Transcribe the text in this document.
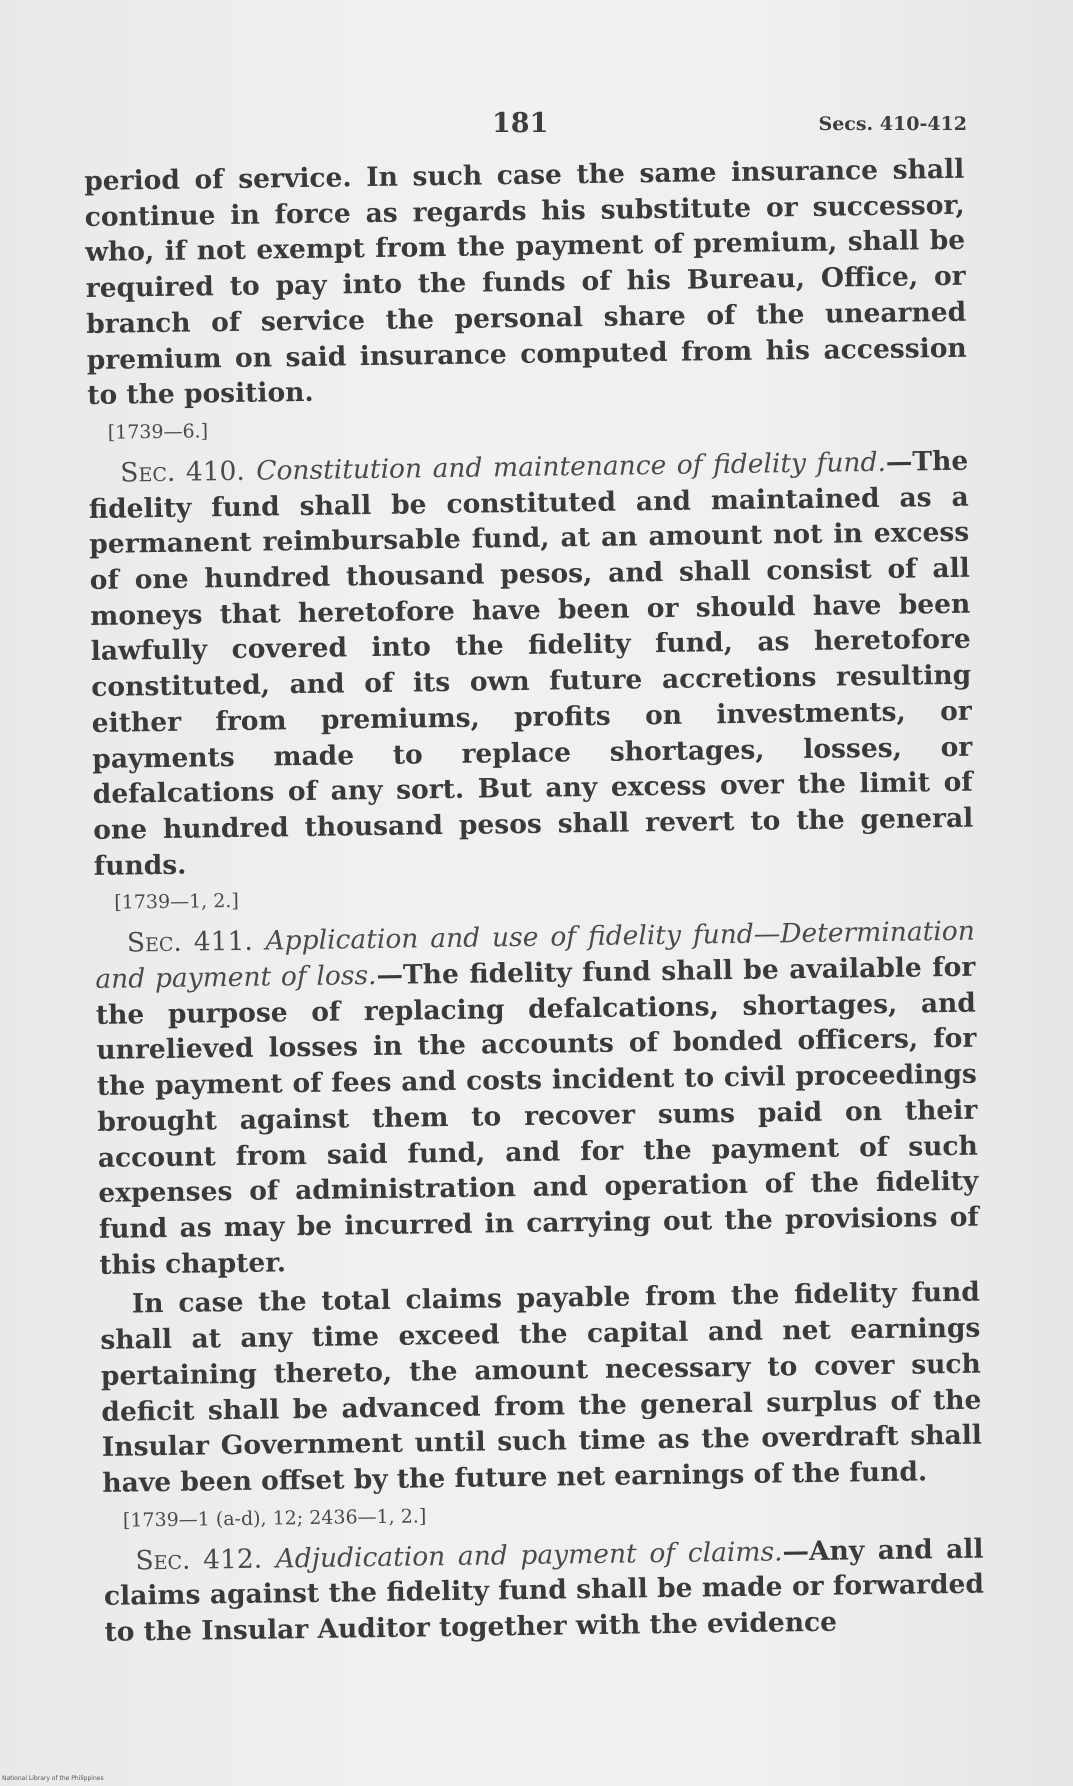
181	Secs. 410-412

period of service. In such case the same insurance shall continue in force as regards his substitute or successor, who, if not exempt from the payment of premium, shall be required to pay into the funds of his Bureau, Office, or branch of service the personal share of the unearned premium on said insurance computed from his accession to the position.

[1739—6.]

Sec. 410. Constitution and maintenance of fidelity fund.—The fidelity fund shall be constituted and maintained as a permanent reimbursable fund, at an amount not in excess of one hundred thousand pesos, and shall consist of all moneys that heretofore have been or should have been lawfully covered into the fidelity fund, as heretofore constituted, and of its own future accretions resulting either from premiums, profits on investments, or payments made to replace shortages, losses, or defalcations of any sort. But any excess over the limit of one hundred thousand pesos shall revert to the general funds.

[1739—1, 2.]

Sec. 411. Application and use of fidelity fund—Determination and payment of loss.—The fidelity fund shall be available for the purpose of replacing defalcations, shortages, and unrelieved losses in the accounts of bonded officers, for the payment of fees and costs incident to civil proceedings brought against them to recover sums paid on their account from said fund, and for the payment of such expenses of administration and operation of the fidelity fund as may be incurred in carrying out the provisions of this chapter.

In case the total claims payable from the fidelity fund shall at any time exceed the capital and net earnings pertaining thereto, the amount necessary to cover such deficit shall be advanced from the general surplus of the Insular Government until such time as the overdraft shall have been offset by the future net earnings of the fund.

[1739—1 (a-d), 12; 2436—1, 2.]

Sec. 412. Adjudication and payment of claims.—Any and all claims against the fidelity fund shall be made or forwarded to the Insular Auditor together with the evidence

National Library of the Philippines
